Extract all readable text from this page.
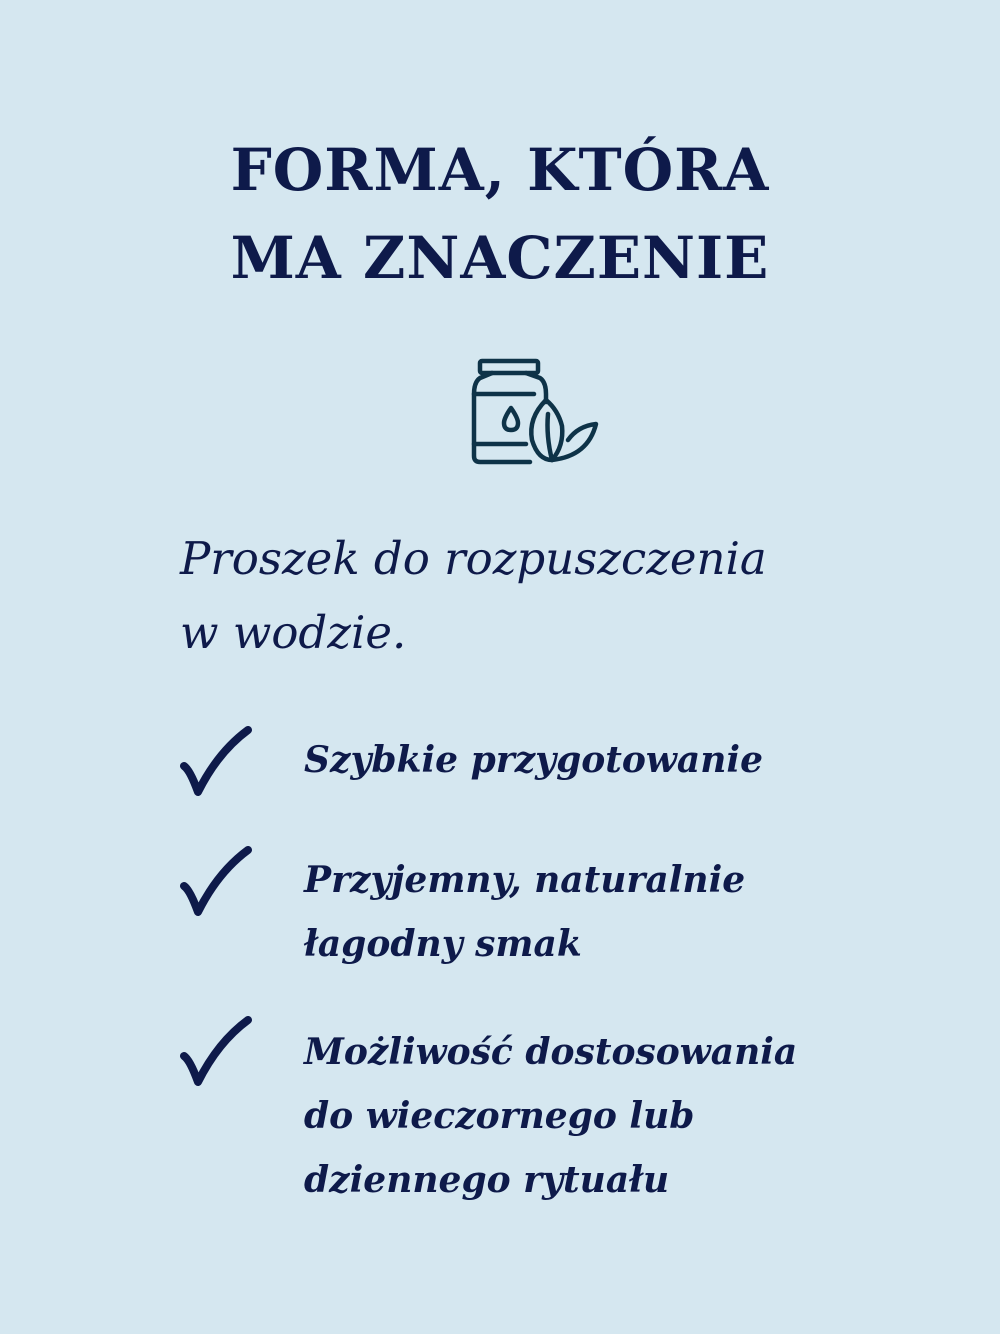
FORMA, KTÓRA
MA ZNACZENIE

Proszek do rozpuszczenia
w wodzie.

Szybkie przygotowanie
Przyjemny, naturalnie
łagodny smak
Możliwość dostosowania
do wieczornego lub
dziennego rytuału
